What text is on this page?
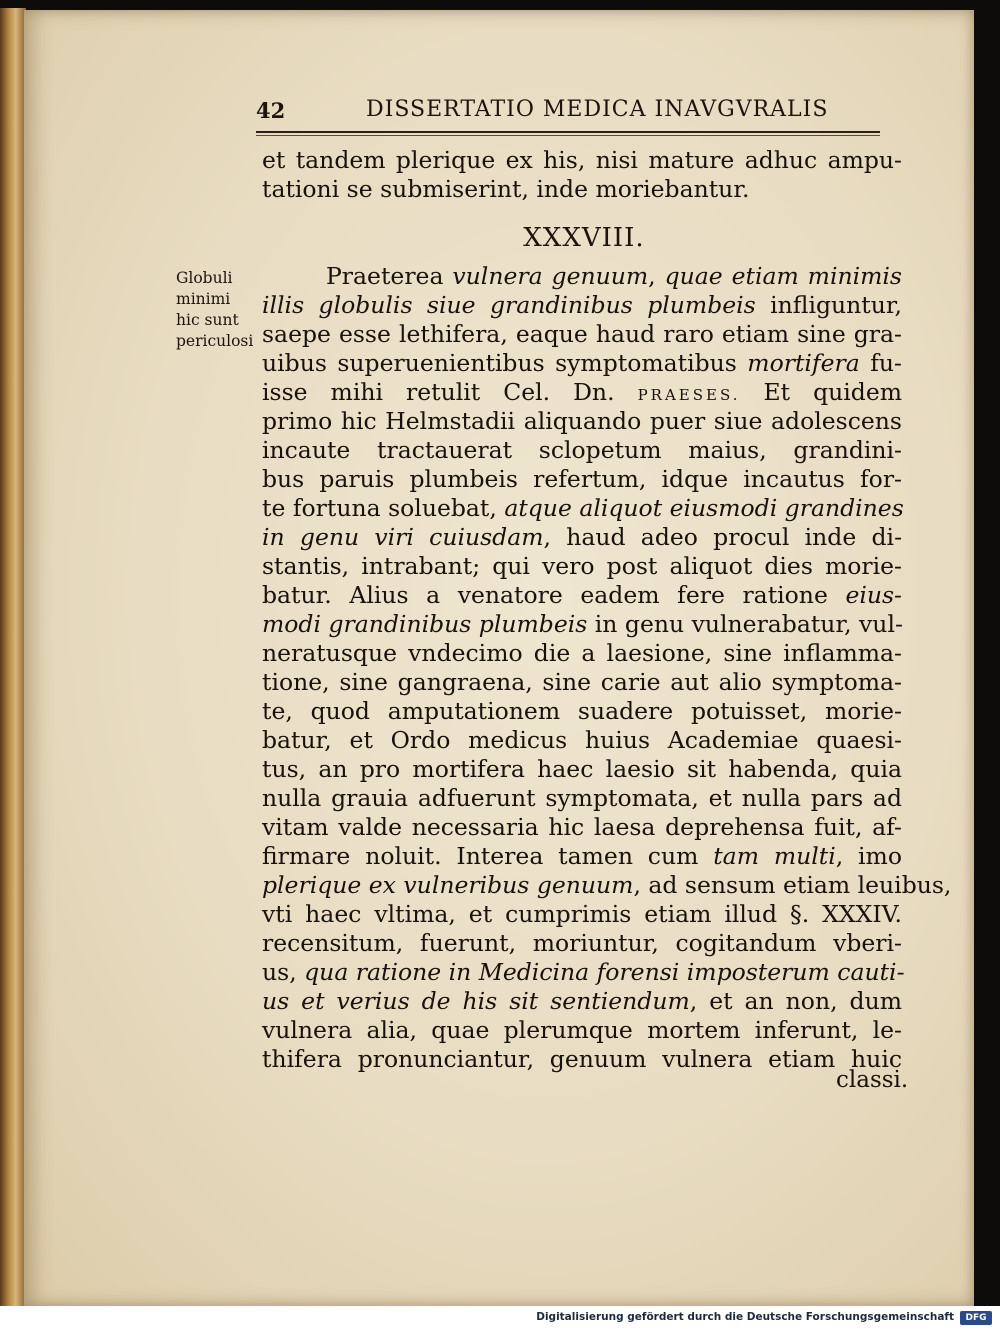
42	DISSERTATIO MEDICA INAVGVRALIS
XXXVIII.
Globuli
minimi
hic sunt
periculosi
et tandem plerique ex his, nisi mature adhuc ampu-
tationi se submiserint, inde moriebantur.
Praeterea vulnera genuum, quae etiam minimis
illis globulis siue grandinibus plumbeis infliguntur,
saepe esse lethifera, eaque haud raro etiam sine gra-
uibus superuenientibus symptomatibus mortifera fu-
isse mihi retulit Cel. Dn. PRAESES. Et quidem
primo hic Helmstadii aliquando puer siue adolescens
incaute tractauerat sclopetum maius, grandini-
bus paruis plumbeis refertum, idque incautus for-
te fortuna soluebat, atque aliquot eiusmodi grandines
in genu viri cuiusdam, haud adeo procul inde di-
stantis, intrabant; qui vero post aliquot dies morie-
batur. Alius a venatore eadem fere ratione eius-
modi grandinibus plumbeis in genu vulnerabatur, vul-
neratusque vndecimo die a laesione, sine inflamma-
tione, sine gangraena, sine carie aut alio symptoma-
te, quod amputationem suadere potuisset, morie-
batur, et Ordo medicus huius Academiae quaesi-
tus, an pro mortifera haec laesio sit habenda, quia
nulla grauia adfuerunt symptomata, et nulla pars ad
vitam valde necessaria hic laesa deprehensa fuit, af-
firmare noluit. Interea tamen cum tam multi, imo
plerique ex vulneribus genuum, ad sensum etiam leuibus,
vti haec vltima, et cumprimis etiam illud §. XXXIV.
recensitum, fuerunt, moriuntur, cogitandum vberi-
us, qua ratione in Medicina forensi imposterum cauti-
us et verius de his sit sentiendum, et an non, dum
vulnera alia, quae plerumque mortem inferunt, le-
thifera pronunciantur, genuum vulnera etiam huic
classi.
Digitalisierung gefördert durch die Deutsche Forschungsgemeinschaft	DFG
